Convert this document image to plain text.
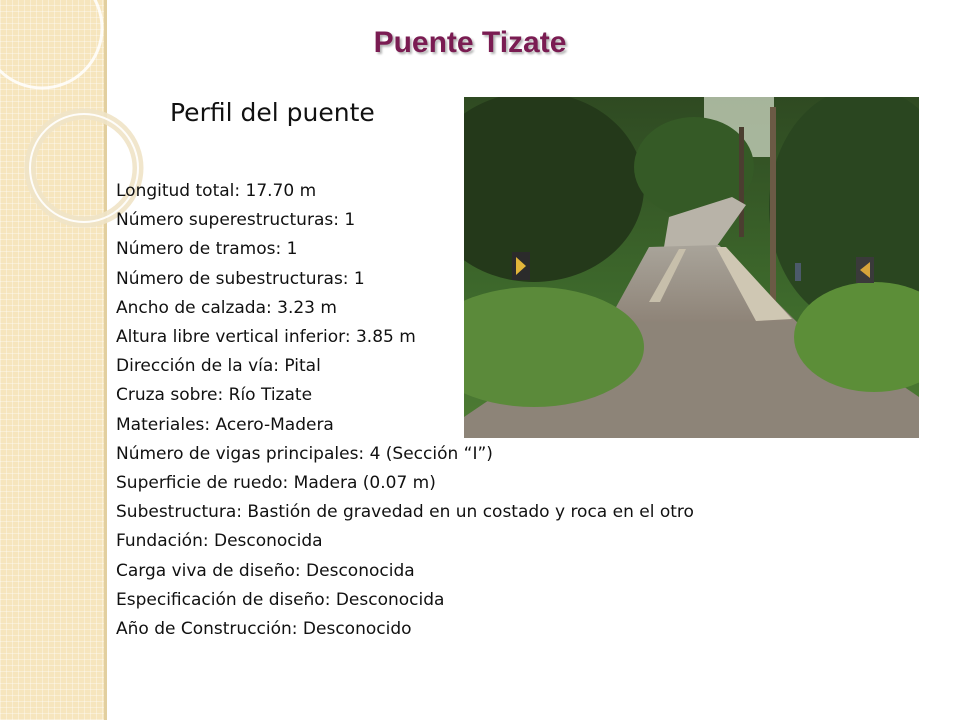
Puente Tizate
Perfil del puente
Longitud total: 17.70 m
Número superestructuras: 1
Número de tramos: 1
Número de subestructuras: 1
Ancho de calzada: 3.23 m
Altura libre vertical inferior: 3.85 m
Dirección de la vía: Pital
Cruza sobre: Río Tizate
Materiales: Acero-Madera
Número de vigas principales: 4 (Sección “I”)
Superficie de ruedo: Madera (0.07 m)
Subestructura: Bastión de gravedad en un costado y roca en el otro
Fundación: Desconocida
Carga viva de diseño: Desconocida
Especificación de diseño: Desconocida
Año de Construcción: Desconocido
